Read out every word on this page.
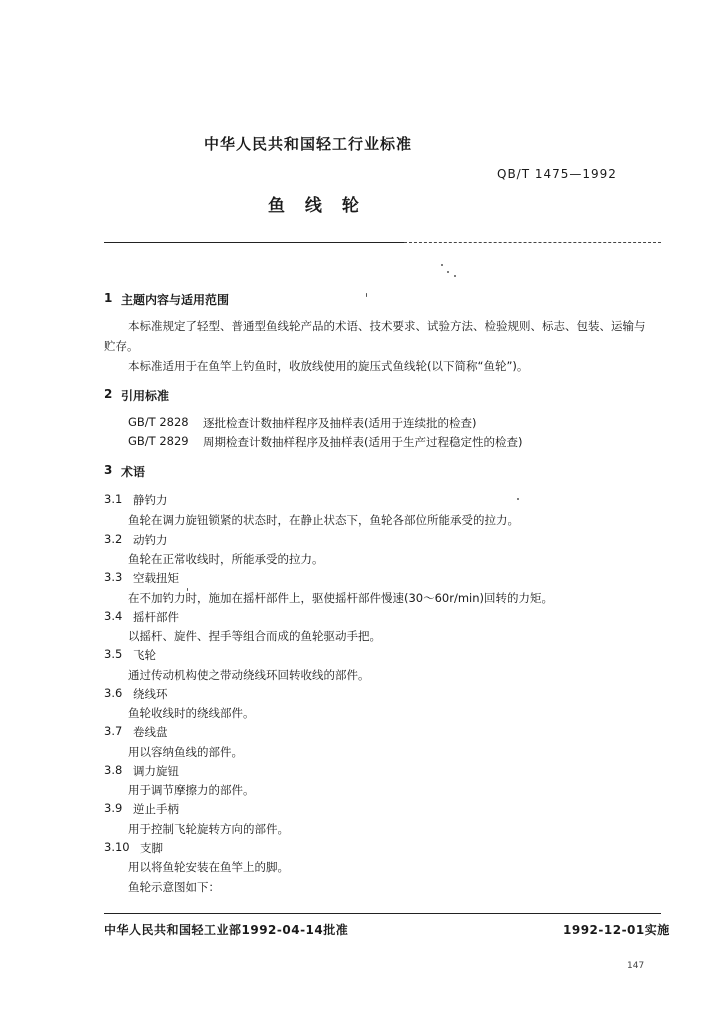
中华人民共和国轻工行业标准
QB/T 1475—1992
鱼 线 轮
1 主题内容与适用范围
本标准规定了轻型、普通型鱼线轮产品的术语、技术要求、试验方法、检验规则、标志、包装、运输与
贮存。
本标准适用于在鱼竿上钓鱼时，收放线使用的旋压式鱼线轮(以下简称“鱼轮”)。
2 引用标准
GB/T 2828 逐批检查计数抽样程序及抽样表(适用于连续批的检查)
GB/T 2829 周期检查计数抽样程序及抽样表(适用于生产过程稳定性的检查)
3 术语
3.1 静钓力
鱼轮在调力旋钮锁紧的状态时，在静止状态下，鱼轮各部位所能承受的拉力。
3.2 动钓力
鱼轮在正常收线时，所能承受的拉力。
3.3 空载扭矩
在不加钓力时，施加在摇杆部件上，驱使摇杆部件慢速(30～60r/min)回转的力矩。
3.4 摇杆部件
以摇杆、旋件、捏手等组合而成的鱼轮驱动手把。
3.5 飞轮
通过传动机构使之带动绕线环回转收线的部件。
3.6 绕线环
鱼轮收线时的绕线部件。
3.7 卷线盘
用以容纳鱼线的部件。
3.8 调力旋钮
用于调节摩擦力的部件。
3.9 逆止手柄
用于控制飞轮旋转方向的部件。
3.10 支脚
用以将鱼轮安装在鱼竿上的脚。
鱼轮示意图如下：
中华人民共和国轻工业部1992-04-14批准	1992-12-01实施
147
